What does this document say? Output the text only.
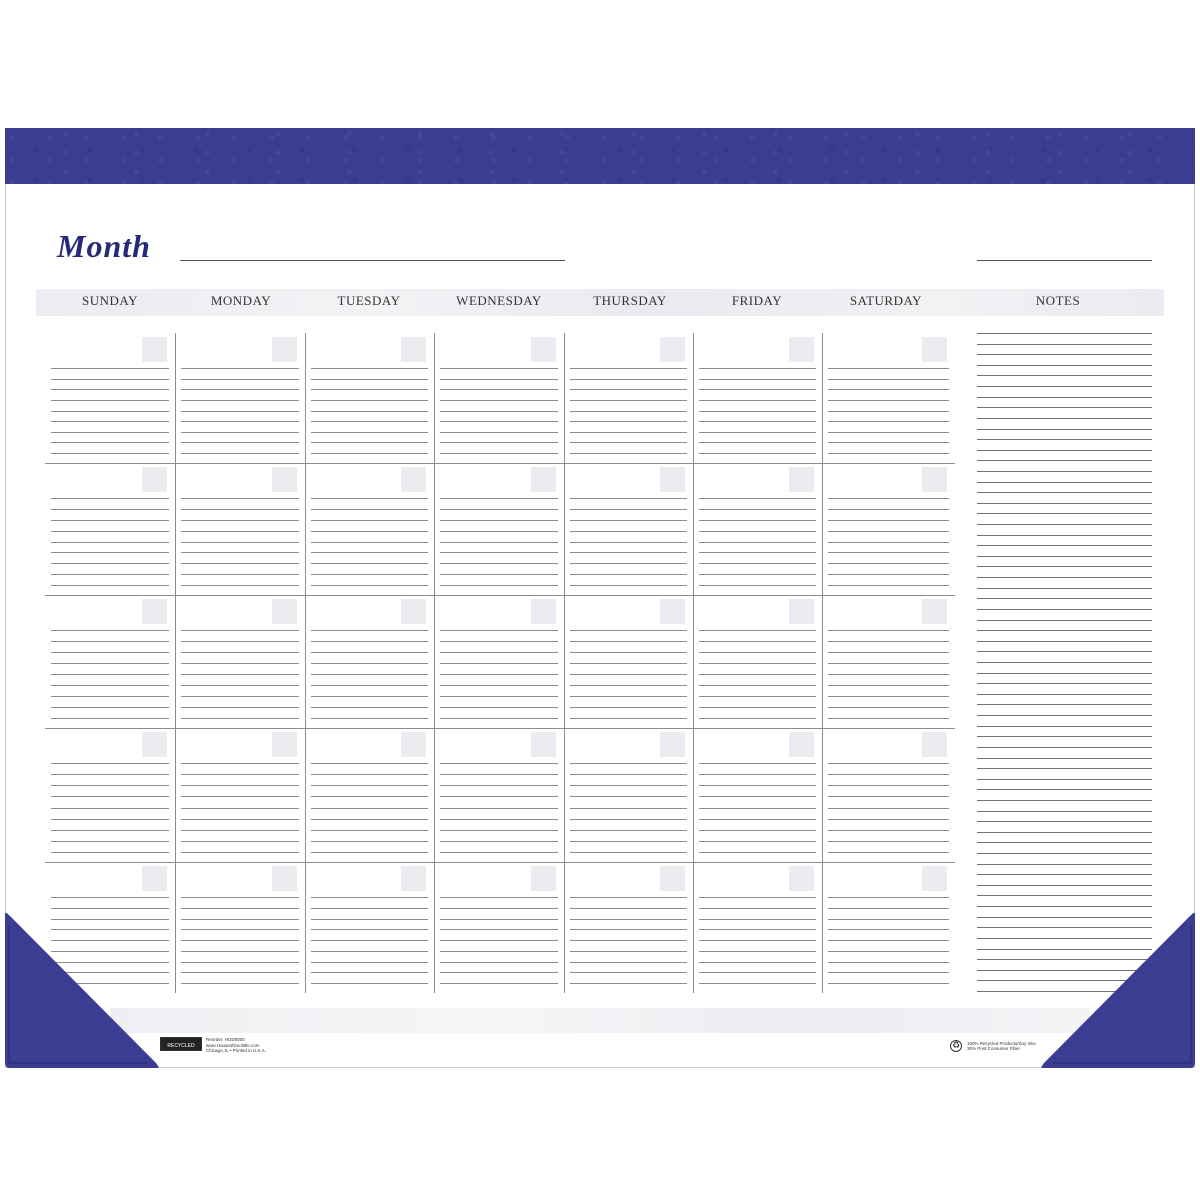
Month
SUNDAY	MONDAY	TUESDAY	WEDNESDAY	THURSDAY	FRIDAY	SATURDAY	NOTES
RECYCLED
Reorder: HOD0000
www.HouseofDoolittle.com
Chicago, IL • Printed in U.S.A.	♻	100% Recycled Products/Soy Inks
30% Post-Consumer Fiber
